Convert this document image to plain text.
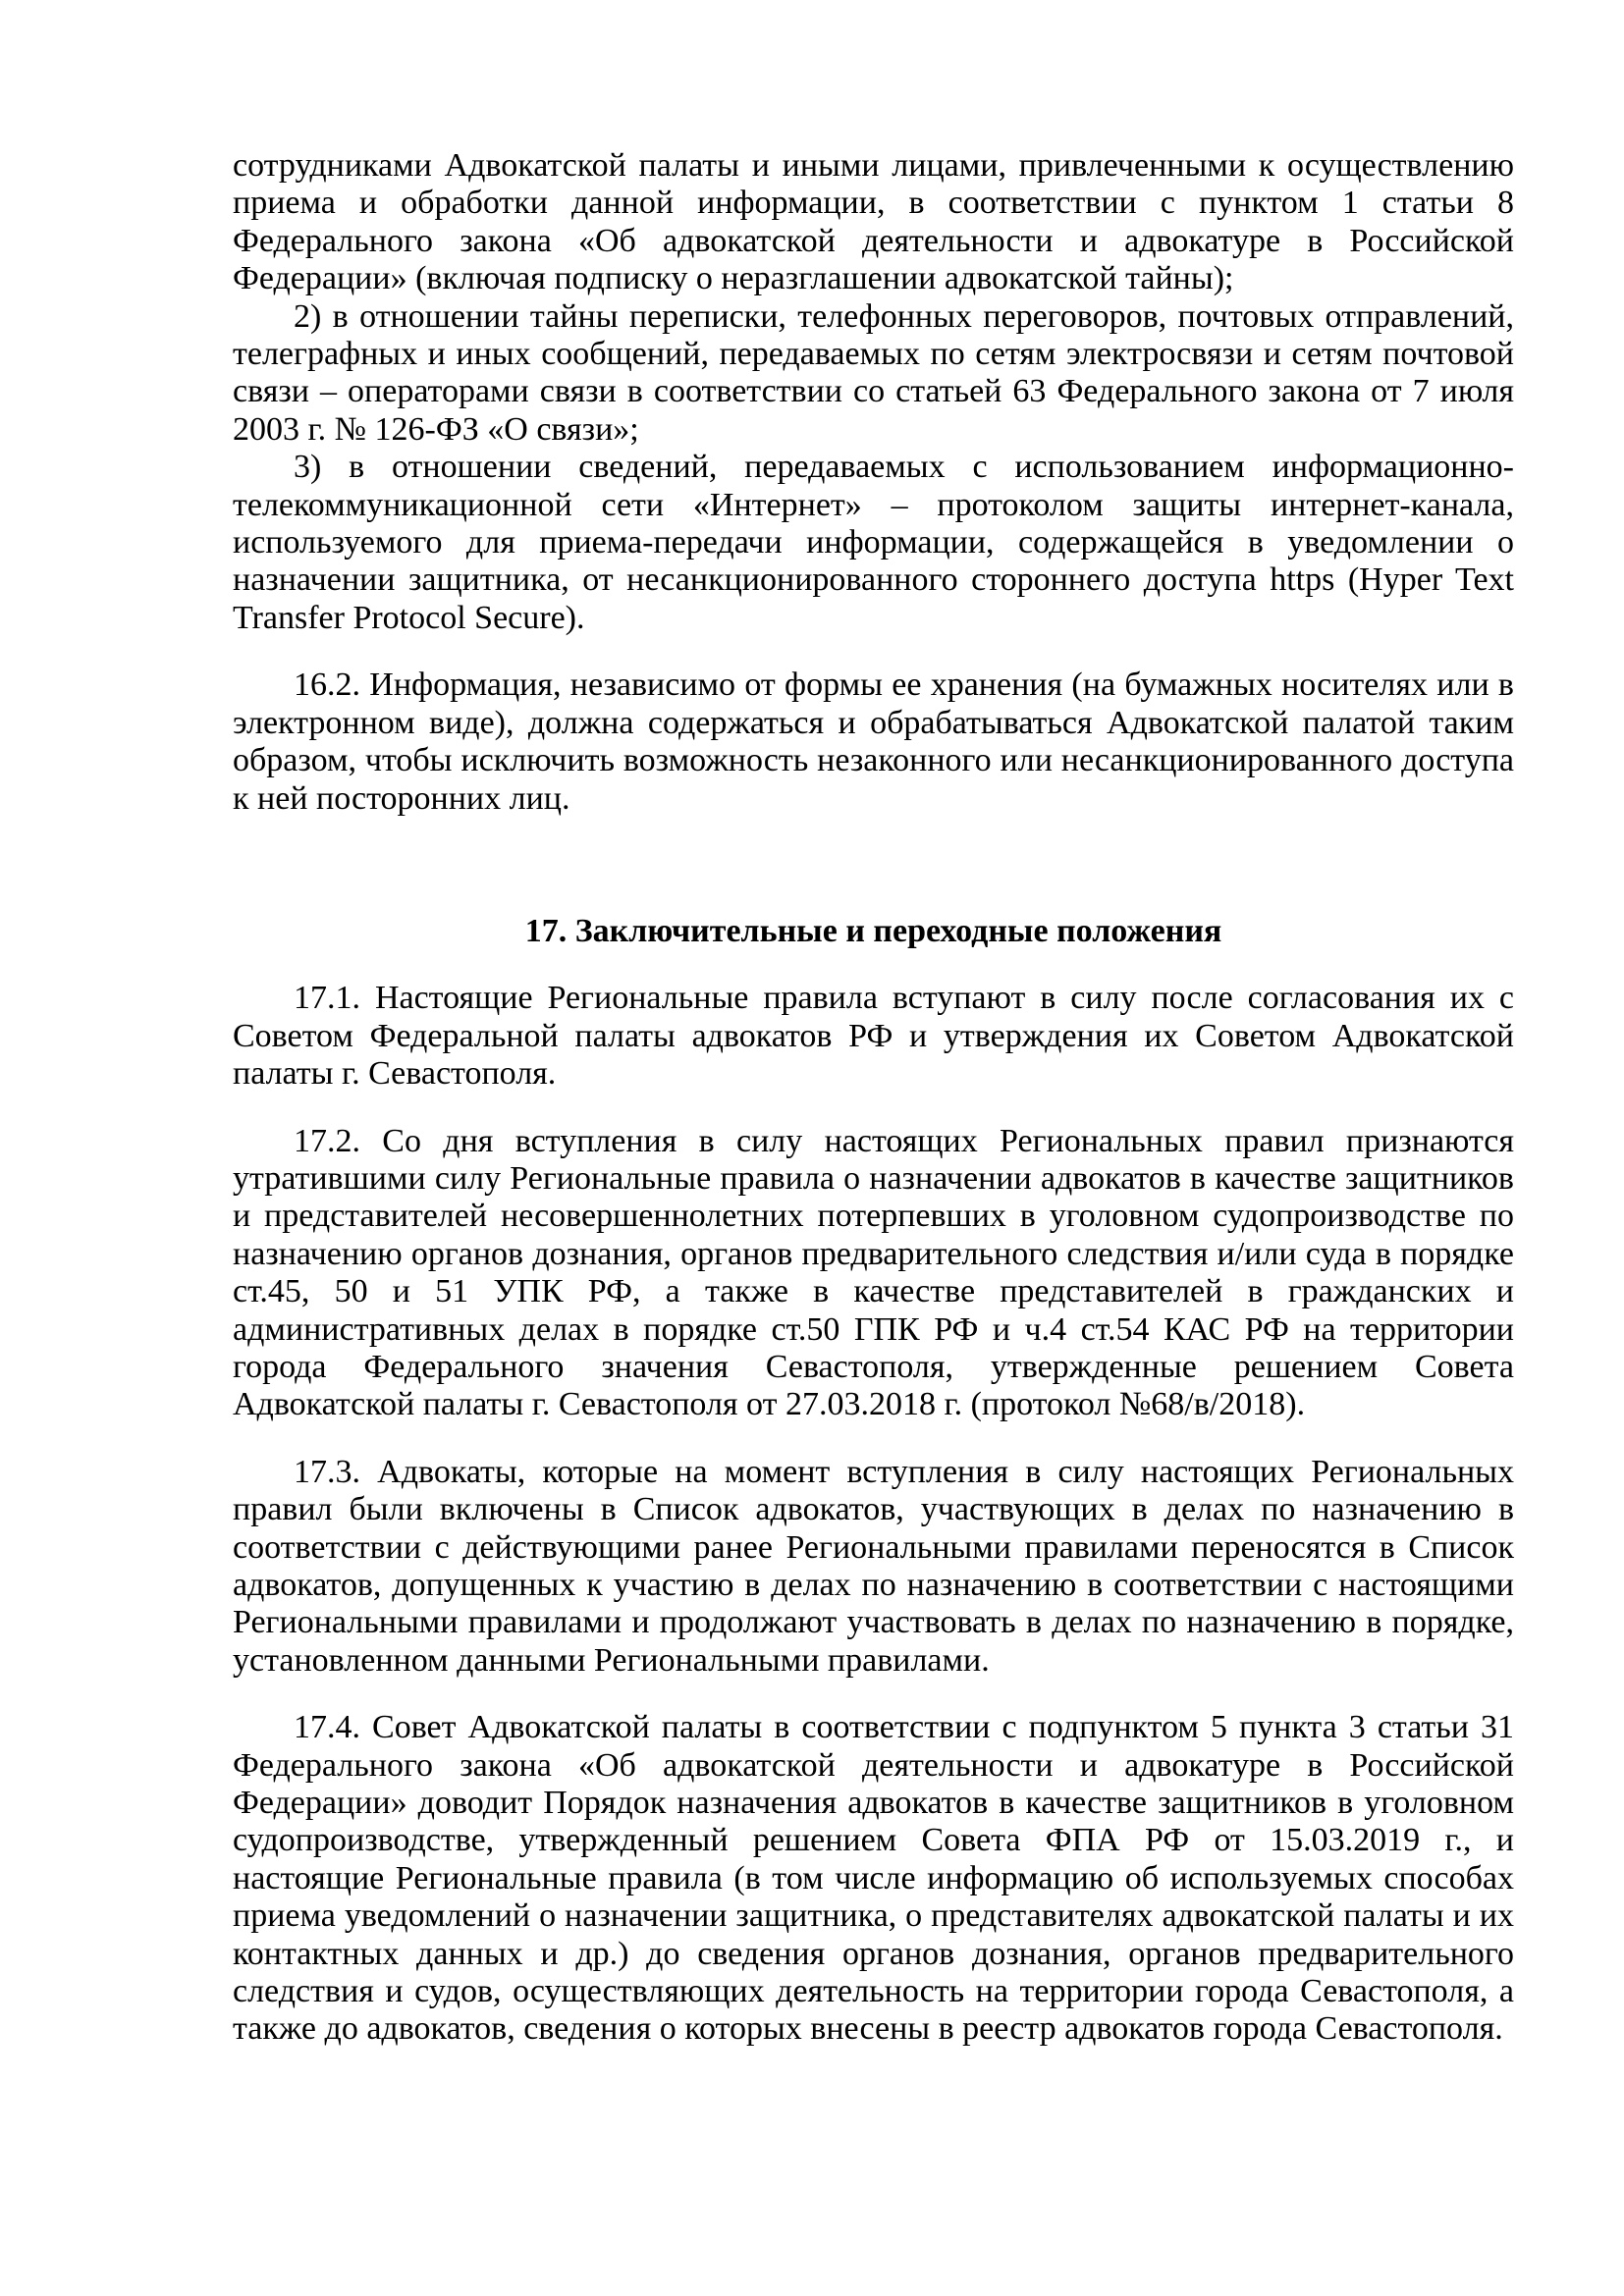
сотрудниками Адвокатской палаты и иными лицами, привлеченными к осуществлению приема и обработки данной информации, в соответствии с пунктом 1 статьи 8 Федерального закона «Об адвокатской деятельности и адвокатуре в Российской Федерации» (включая подписку о неразглашении адвокатской тайны);

2) в отношении тайны переписки, телефонных переговоров, почтовых отправлений, телеграфных и иных сообщений, передаваемых по сетям электросвязи и сетям почтовой связи – операторами связи в соответствии со статьей 63 Федерального закона от 7 июля 2003 г. № 126-ФЗ «О связи»;

3) в отношении сведений, передаваемых с использованием информационно-телекоммуникационной сети «Интернет» – протоколом защиты интернет-канала, используемого для приема-передачи информации, содержащейся в уведомлении о назначении защитника, от несанкционированного стороннего доступа https (Hyper Text Transfer Protocol Secure).

16.2. Информация, независимо от формы ее хранения (на бумажных носителях или в электронном виде), должна содержаться и обрабатываться Адвокатской палатой таким образом, чтобы исключить возможность незаконного или несанкционированного доступа к ней посторонних лиц.

17. Заключительные и переходные положения

17.1. Настоящие Региональные правила вступают в силу после согласования их с Советом Федеральной палаты адвокатов РФ и утверждения их Советом Адвокатской палаты г. Севастополя.

17.2. Со дня вступления в силу настоящих Региональных правил признаются утратившими силу Региональные правила о назначении адвокатов в качестве защитников и представителей несовершеннолетних потерпевших в уголовном судопроизводстве по назначению органов дознания, органов предварительного следствия и/или суда в порядке ст.45, 50 и 51 УПК РФ, а также в качестве представителей в гражданских и административных делах в порядке ст.50 ГПК РФ и ч.4 ст.54 КАС РФ на территории города Федерального значения Севастополя, утвержденные решением Совета Адвокатской палаты г. Севастополя от 27.03.2018 г. (протокол №68/в/2018).

17.3. Адвокаты, которые на момент вступления в силу настоящих Региональных правил были включены в Список адвокатов, участвующих в делах по назначению в соответствии с действующими ранее Региональными правилами переносятся в Список адвокатов, допущенных к участию в делах по назначению в соответствии с настоящими Региональными правилами и продолжают участвовать в делах по назначению в порядке, установленном данными Региональными правилами.

17.4. Совет Адвокатской палаты в соответствии с подпунктом 5 пункта 3 статьи 31 Федерального закона «Об адвокатской деятельности и адвокатуре в Российской Федерации» доводит Порядок назначения адвокатов в качестве защитников в уголовном судопроизводстве, утвержденный решением Совета ФПА РФ от 15.03.2019 г., и настоящие Региональные правила (в том числе информацию об используемых способах приема уведомлений о назначении защитника, о представителях адвокатской палаты и их контактных данных и др.) до сведения органов дознания, органов предварительного следствия и судов, осуществляющих деятельность на территории города Севастополя, а также до адвокатов, сведения о которых внесены в реестр адвокатов города Севастополя.
